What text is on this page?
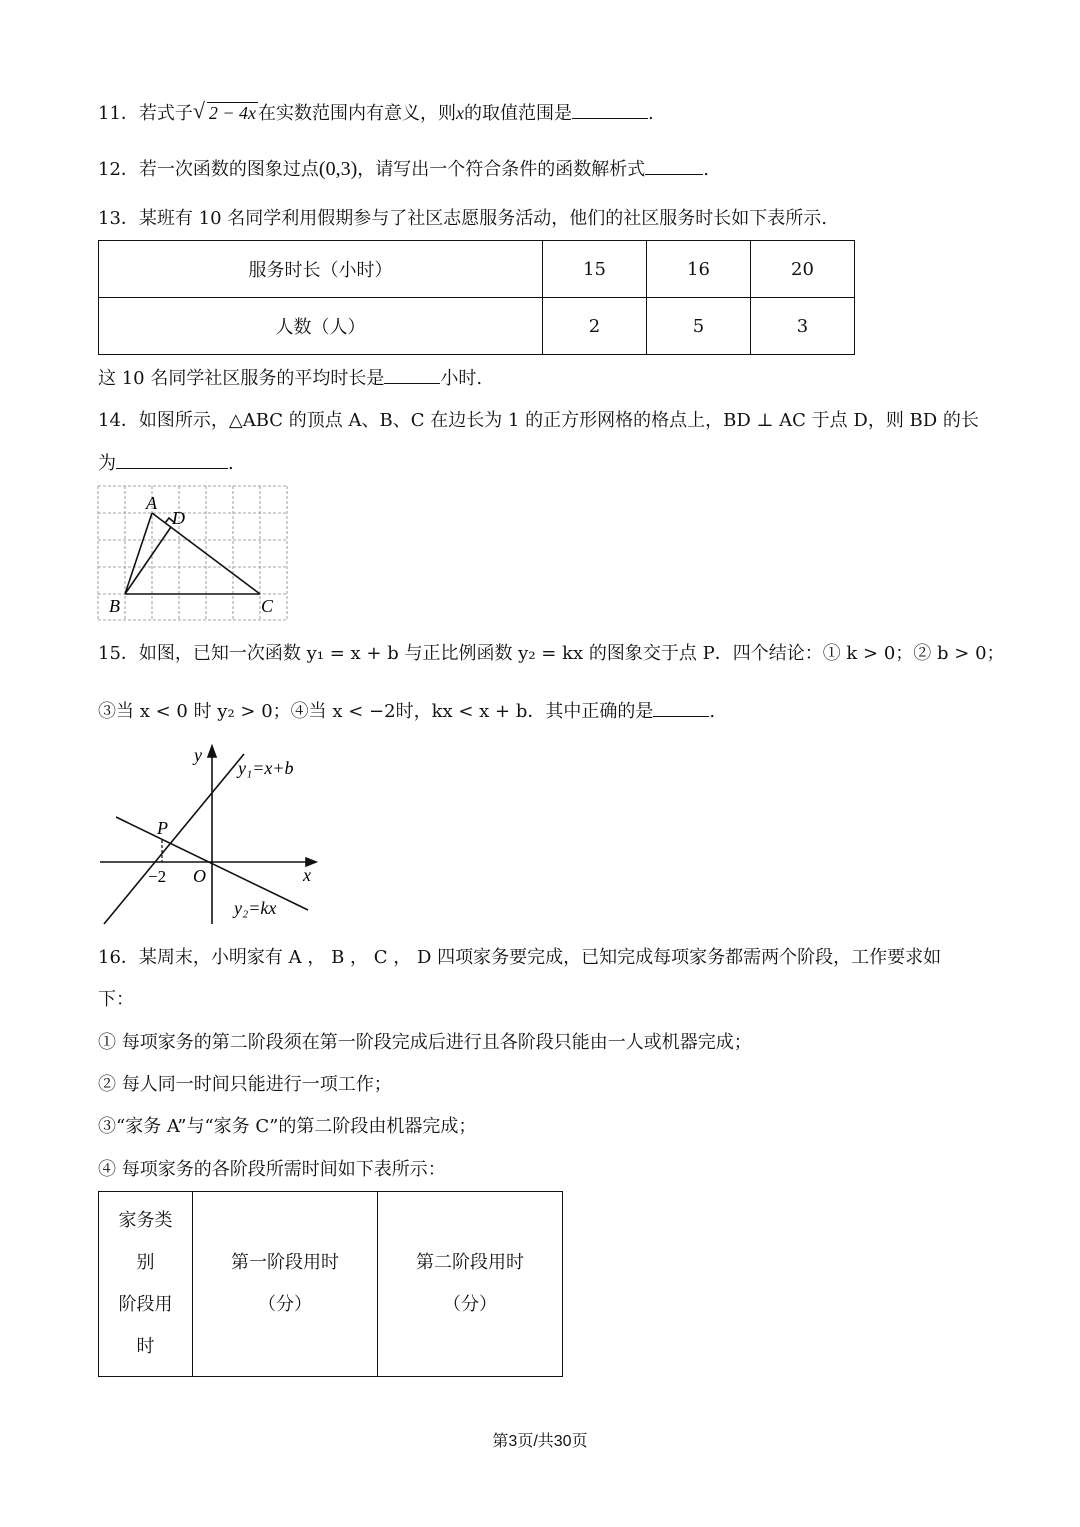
11．若式子 √ 2 − 4x 在实数范围内有意义，则x的取值范围是	.
12．若一次函数的图象过点(0,3)，请写出一个符合条件的函数解析式	.
13．某班有 10 名同学利用假期参与了社区志愿服务活动，他们的社区服务时长如下表所示.
服务时长（小时）	15	16	20
人数（人）	2	5	3
这 10 名同学社区服务的平均时长是	小时.
14．如图所示，△ABC 的顶点 A、B、C 在边长为 1 的正方形网格的格点上，BD ⊥ AC 于点 D，则 BD 的长
为	.
A
D
B	C
15．如图，已知一次函数 y₁ = x + b 与正比例函数 y₂ = kx 的图象交于点 P．四个结论：① k > 0；② b > 0；
③当 x < 0 时 y₂ > 0；④当 x < −2时，kx < x + b．其中正确的是	.
y
x
O
−2
P
y₁=x+b
y₂=kx
16．某周末，小明家有 A ， B ， C ， D 四项家务要完成，已知完成每项家务都需两个阶段，工作要求如
下：
① 每项家务的第二阶段须在第一阶段完成后进行且各阶段只能由一人或机器完成；
② 每人同一时间只能进行一项工作；
③“家务 A”与“家务 C”的第二阶段由机器完成；
④ 每项家务的各阶段所需时间如下表所示：
家务类
别
阶段用
时

第一阶段用时
（分）

第二阶段用时
（分）
第3页/共30页
